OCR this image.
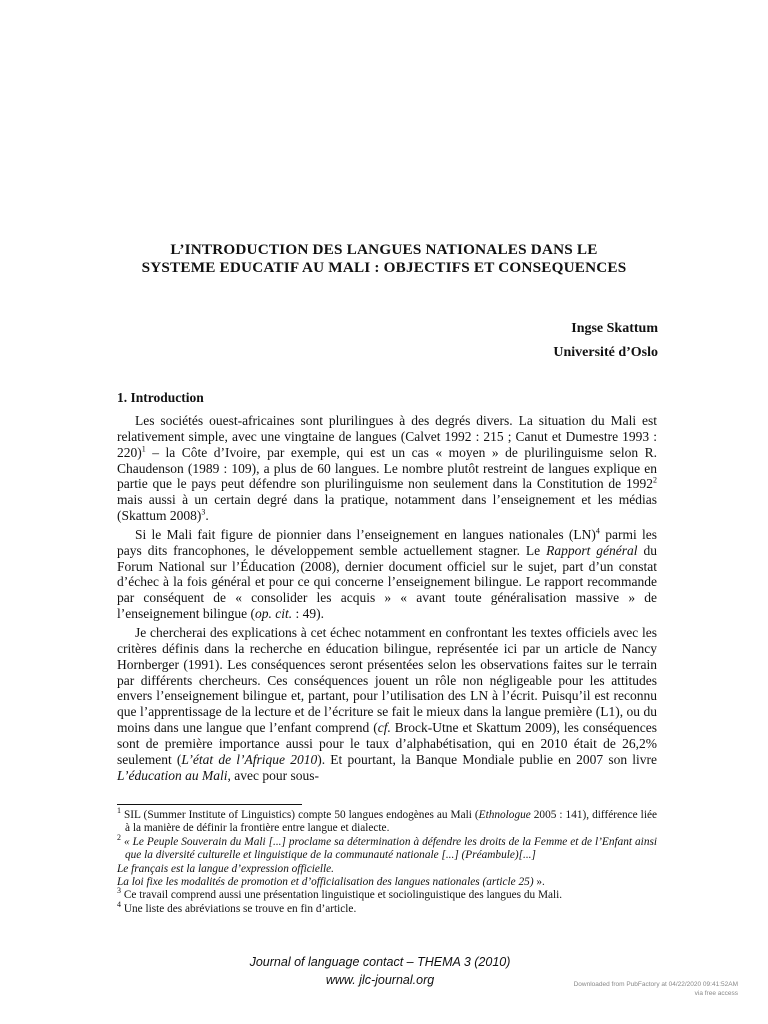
L’INTRODUCTION DES LANGUES NATIONALES DANS LE
SYSTEME EDUCATIF AU MALI : OBJECTIFS ET CONSEQUENCES
Ingse Skattum
Université d’Oslo
1. Introduction

Les sociétés ouest-africaines sont plurilingues à des degrés divers. La situation du Mali est relativement simple, avec une vingtaine de langues (Calvet 1992 : 215 ; Canut et Dumestre 1993 : 220)$^1$ – la Côte d’Ivoire, par exemple, qui est un cas « moyen » de plurilinguisme selon R. Chaudenson (1989 : 109), a plus de 60 langues. Le nombre plutôt restreint de langues explique en partie que le pays peut défendre son plurilinguisme non seulement dans la Constitution de 1992$^2$ mais aussi à un certain degré dans la pratique, notamment dans l’enseignement et les médias (Skattum 2008)$^3$.

Si le Mali fait figure de pionnier dans l’enseignement en langues nationales (LN)$^4$ parmi les pays dits francophones, le développement semble actuellement stagner. Le Rapport général du Forum National sur l’Éducation (2008), dernier document officiel sur le sujet, part d’un constat d’échec à la fois général et pour ce qui concerne l’enseignement bilingue. Le rapport recommande par conséquent de « consolider les acquis » « avant toute généralisation massive » de l’enseignement bilingue (op. cit. : 49).

Je chercherai des explications à cet échec notamment en confrontant les textes officiels avec les critères définis dans la recherche en éducation bilingue, représentée ici par un article de Nancy Hornberger (1991). Les conséquences seront présentées selon les observations faites sur le terrain par différents chercheurs. Ces conséquences jouent un rôle non négligeable pour les attitudes envers l’enseignement bilingue et, partant, pour l’utilisation des LN à l’écrit. Puisqu’il est reconnu que l’apprentissage de la lecture et de l’écriture se fait le mieux dans la langue première (L1), ou du moins dans une langue que l’enfant comprend (cf. Brock-Utne et Skattum 2009), les conséquences sont de première importance aussi pour le taux d’alphabétisation, qui en 2010 était de 26,2% seulement (L’état de l’Afrique 2010). Et pourtant, la Banque Mondiale publie en 2007 son livre L’éducation au Mali, avec pour sous-

$^1$ SIL (Summer Institute of Linguistics) compte 50 langues endogènes au Mali (Ethnologue 2005 : 141), différence liée à la manière de définir la frontière entre langue et dialecte.
$^2$ « Le Peuple Souverain du Mali [...] proclame sa détermination à défendre les droits de la Femme et de l’Enfant ainsi que la diversité culturelle et linguistique de la communauté nationale [...] (Préambule)[...]
Le français est la langue d’expression officielle.
La loi fixe les modalités de promotion et d’officialisation des langues nationales (article 25) ».
$^3$ Ce travail comprend aussi une présentation linguistique et sociolinguistique des langues du Mali.
$^4$ Une liste des abréviations se trouve en fin d’article.
Journal of language contact – THEMA 3 (2010)
www. jlc-journal.org	Downloaded from PubFactory at 04/22/2020 09:41:52AM
via free access
